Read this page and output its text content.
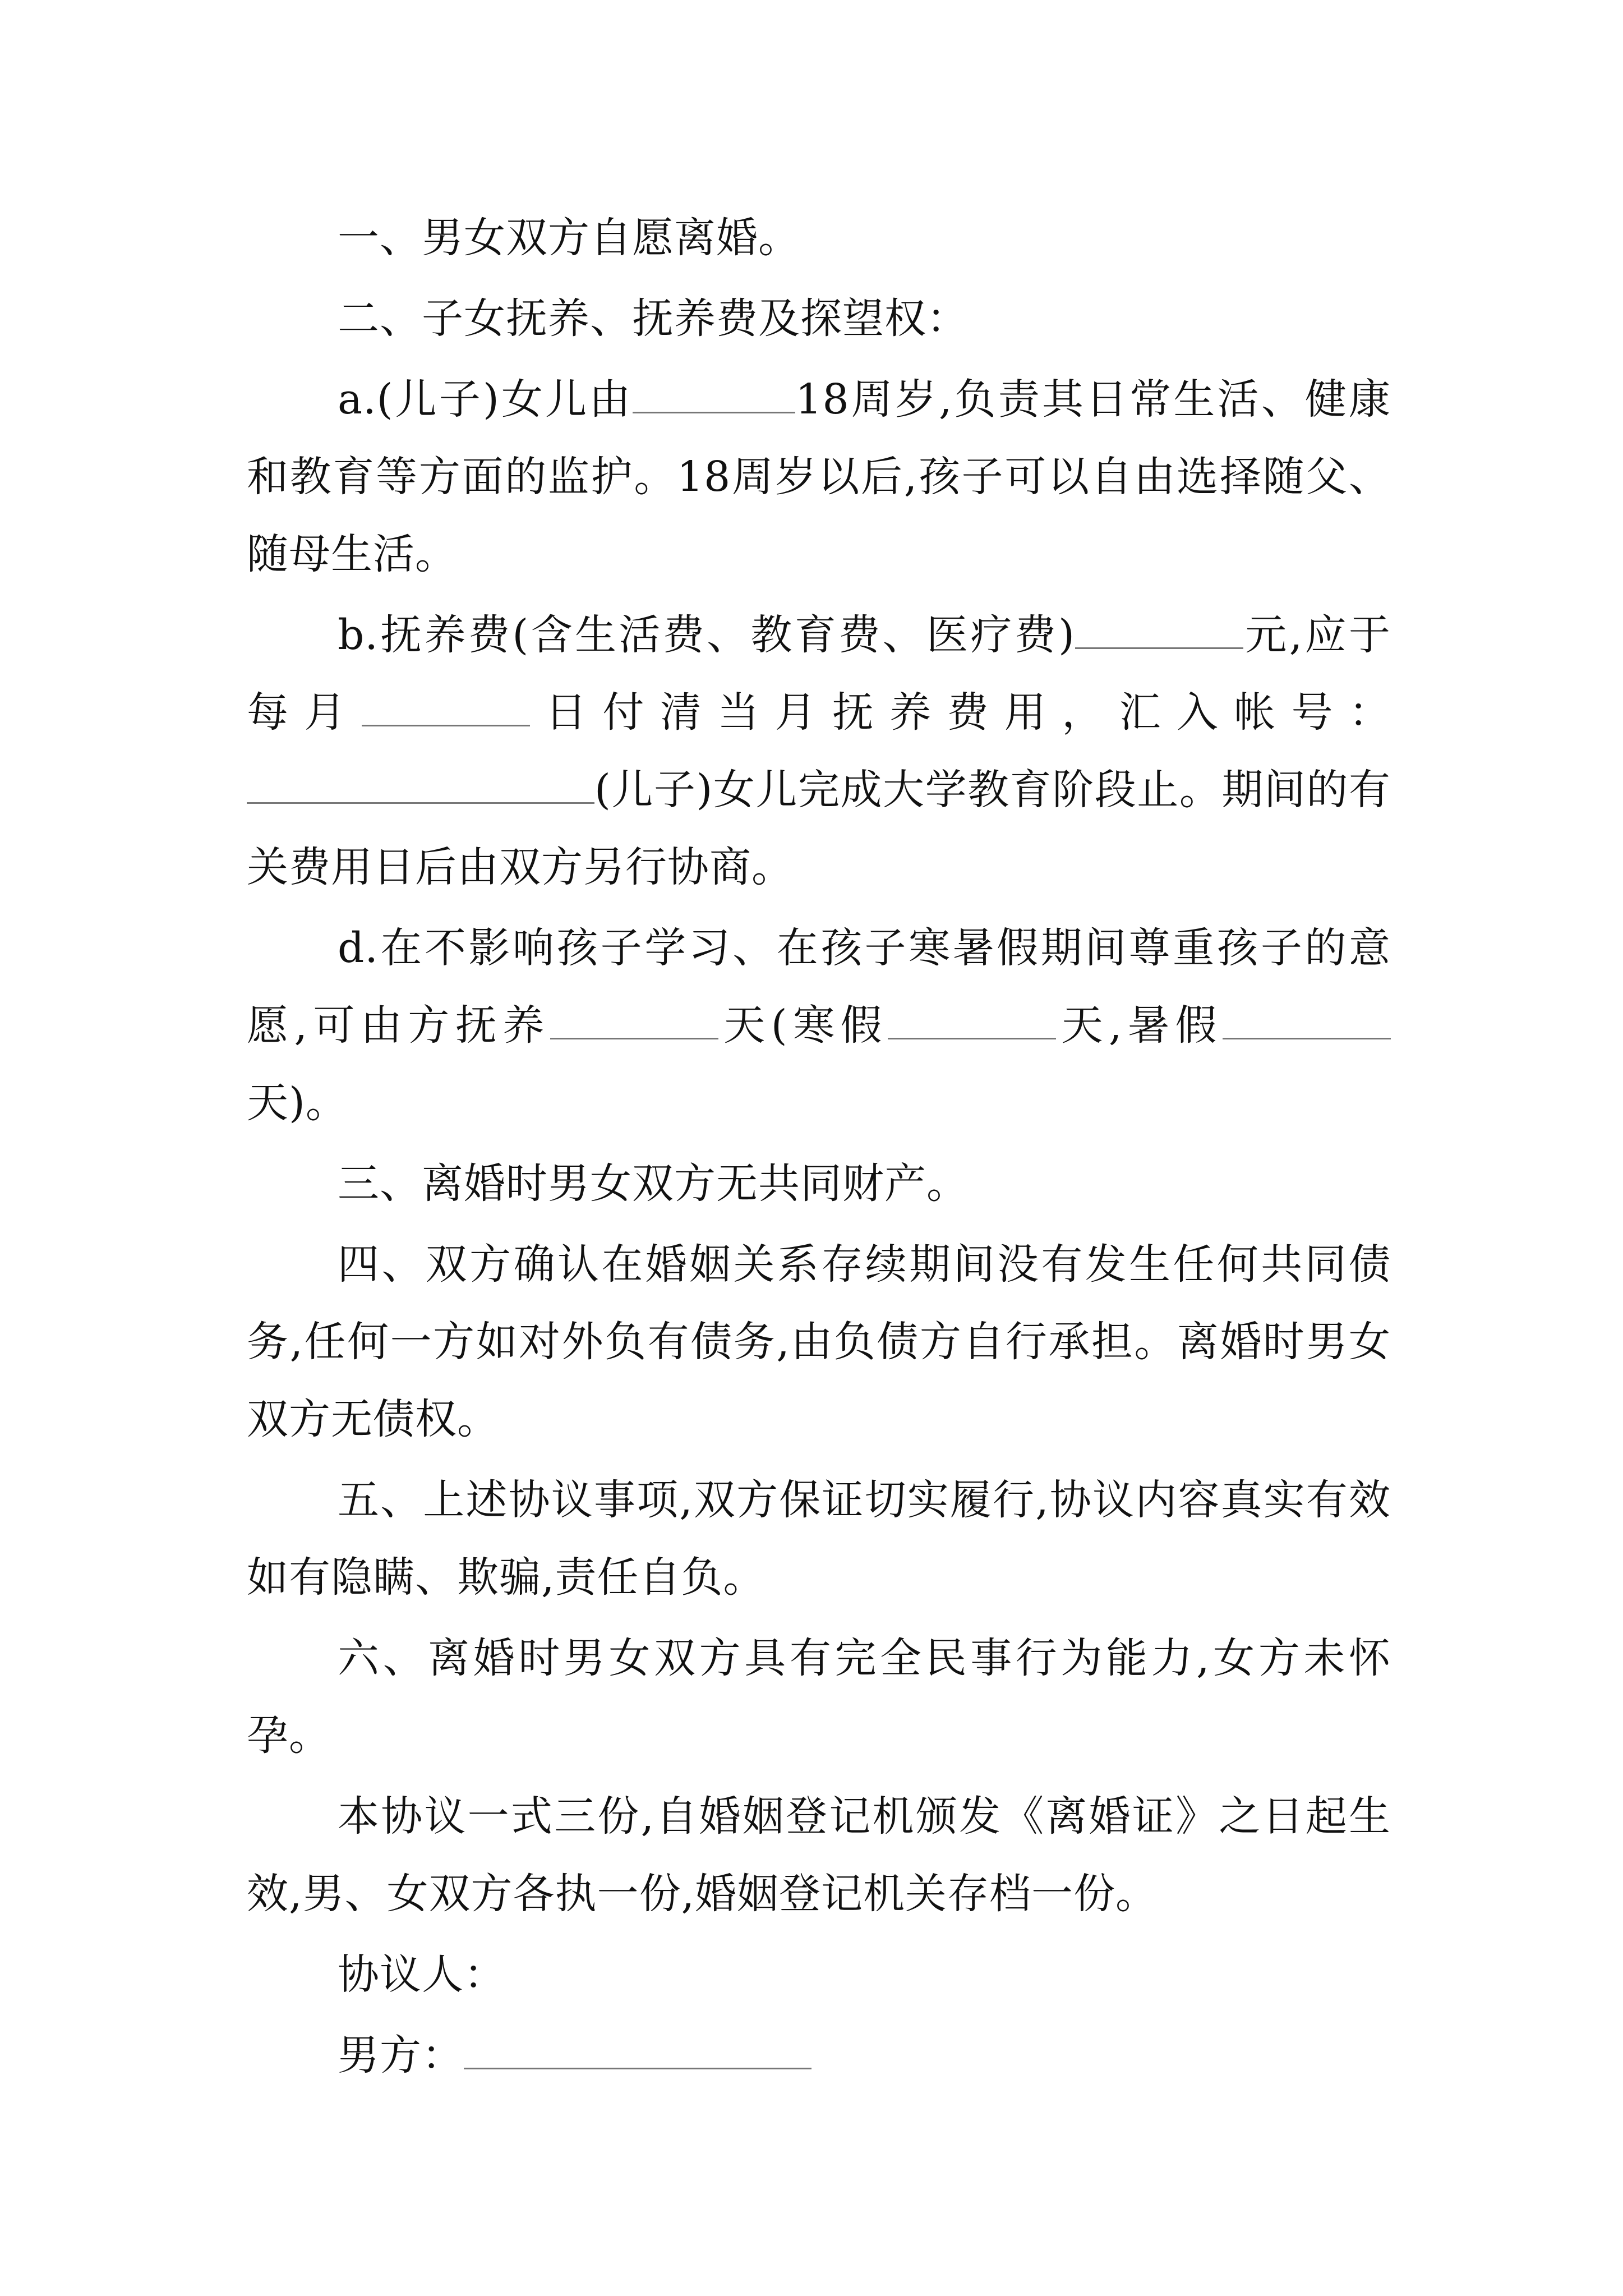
一、男女双方自愿离婚。

二、子女抚养、抚养费及探望权：

a.(儿子)女儿由	18周岁,负责其日常生活、健康和教育等方面的监护。18周岁以后,孩子可以自由选择随父、随母生活。

b.抚养费(含生活费、教育费、医疗费)	元,应于每月	日付清当月抚养费用，汇入帐号：(儿子)女儿完成大学教育阶段止。期间的有关费用日后由双方另行协商。

d.在不影响孩子学习、在孩子寒暑假期间尊重孩子的意愿,可由方抚养	天(寒假	天,暑假天)。

三、离婚时男女双方无共同财产。

四、双方确认在婚姻关系存续期间没有发生任何共同债务,任何一方如对外负有债务,由负债方自行承担。离婚时男女双方无债权。

五、上述协议事项,双方保证切实履行,协议内容真实有效如有隐瞒、欺骗,责任自负。

六、离婚时男女双方具有完全民事行为能力,女方未怀孕。

本协议一式三份,自婚姻登记机颁发《离婚证》之日起生效,男、女双方各执一份,婚姻登记机关存档一份。

协议人：

男方：
